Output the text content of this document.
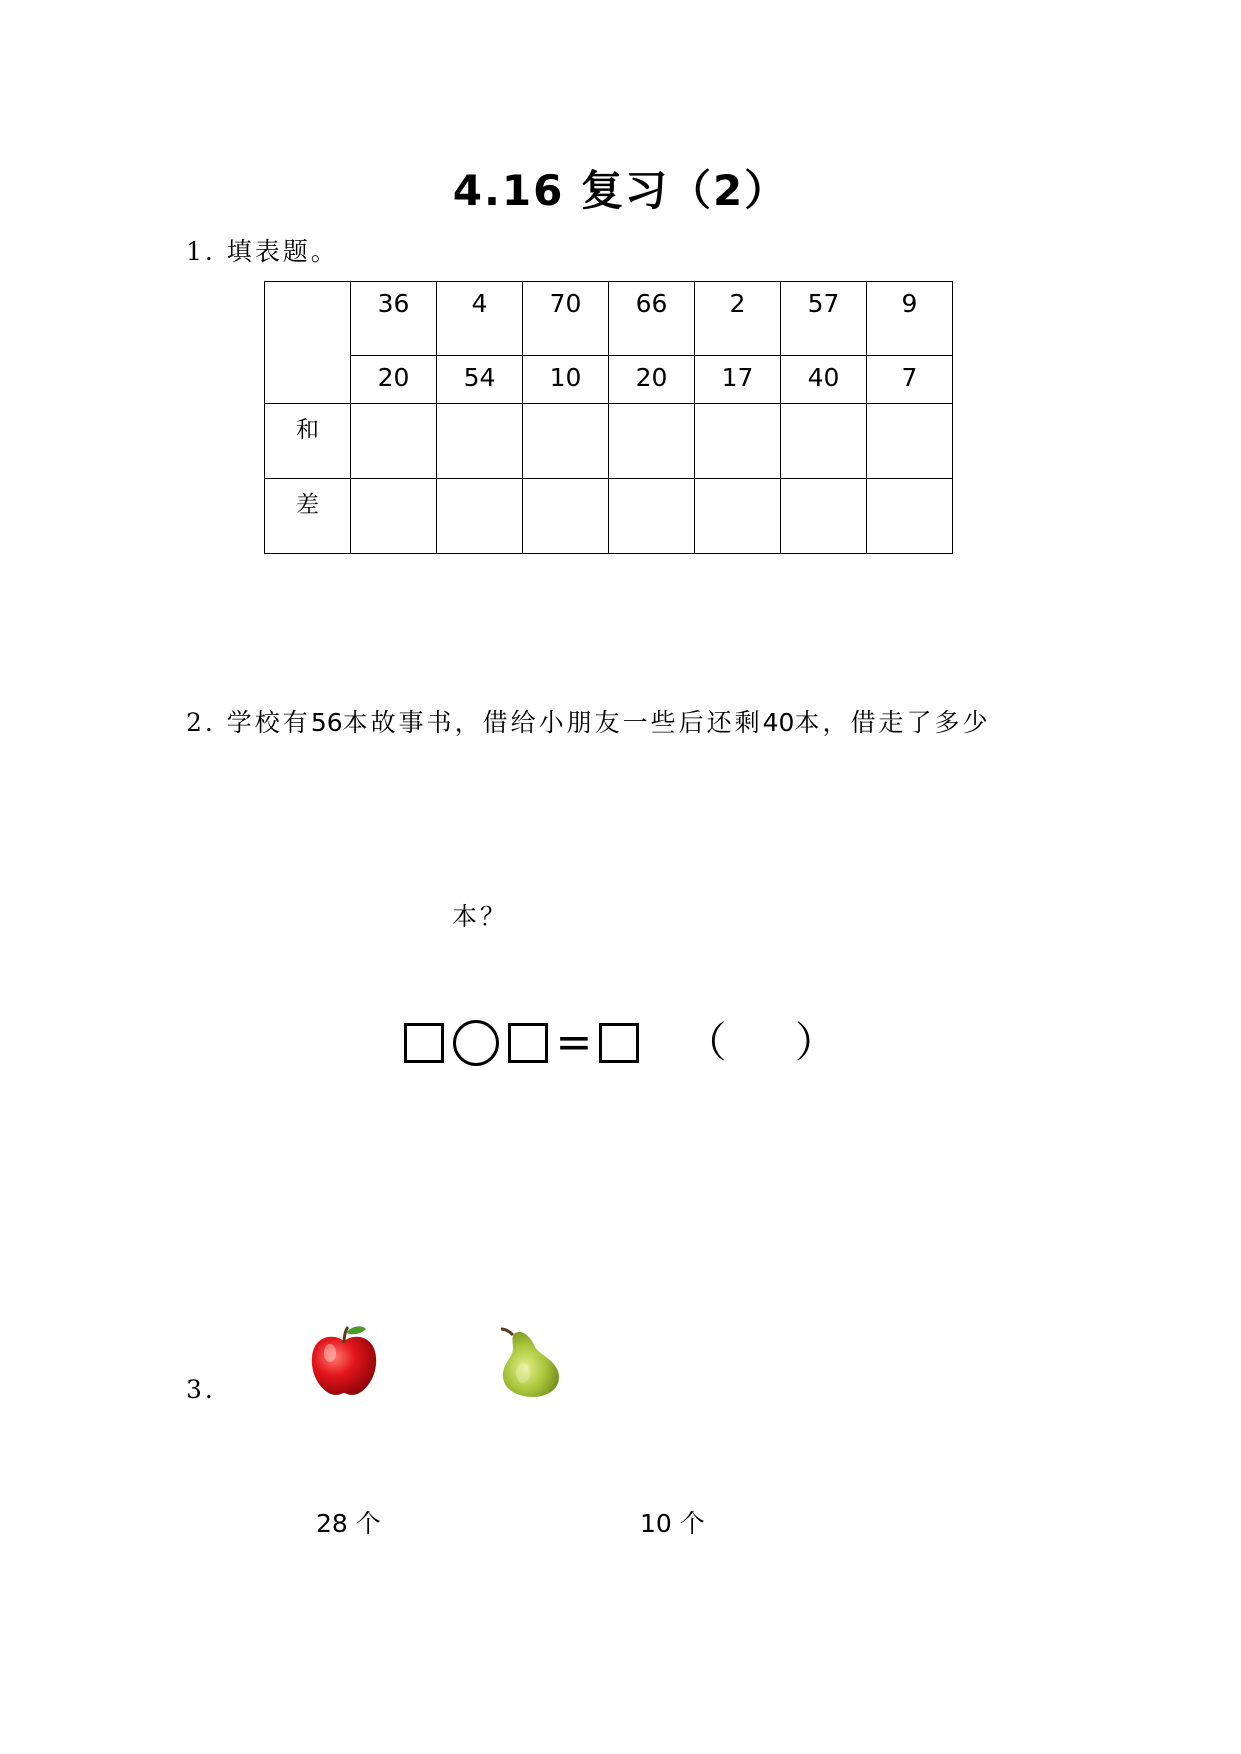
4.16 复习（2）
1. 填表题。

	36	4	70	66	2	57	9

	20	54	10	20	17	40	7

和							

差							

2. 学校有56本故事书，借给小朋友一些后还剩40本，借走了多少
本？
= （ ）
3.
28 个	10 个
